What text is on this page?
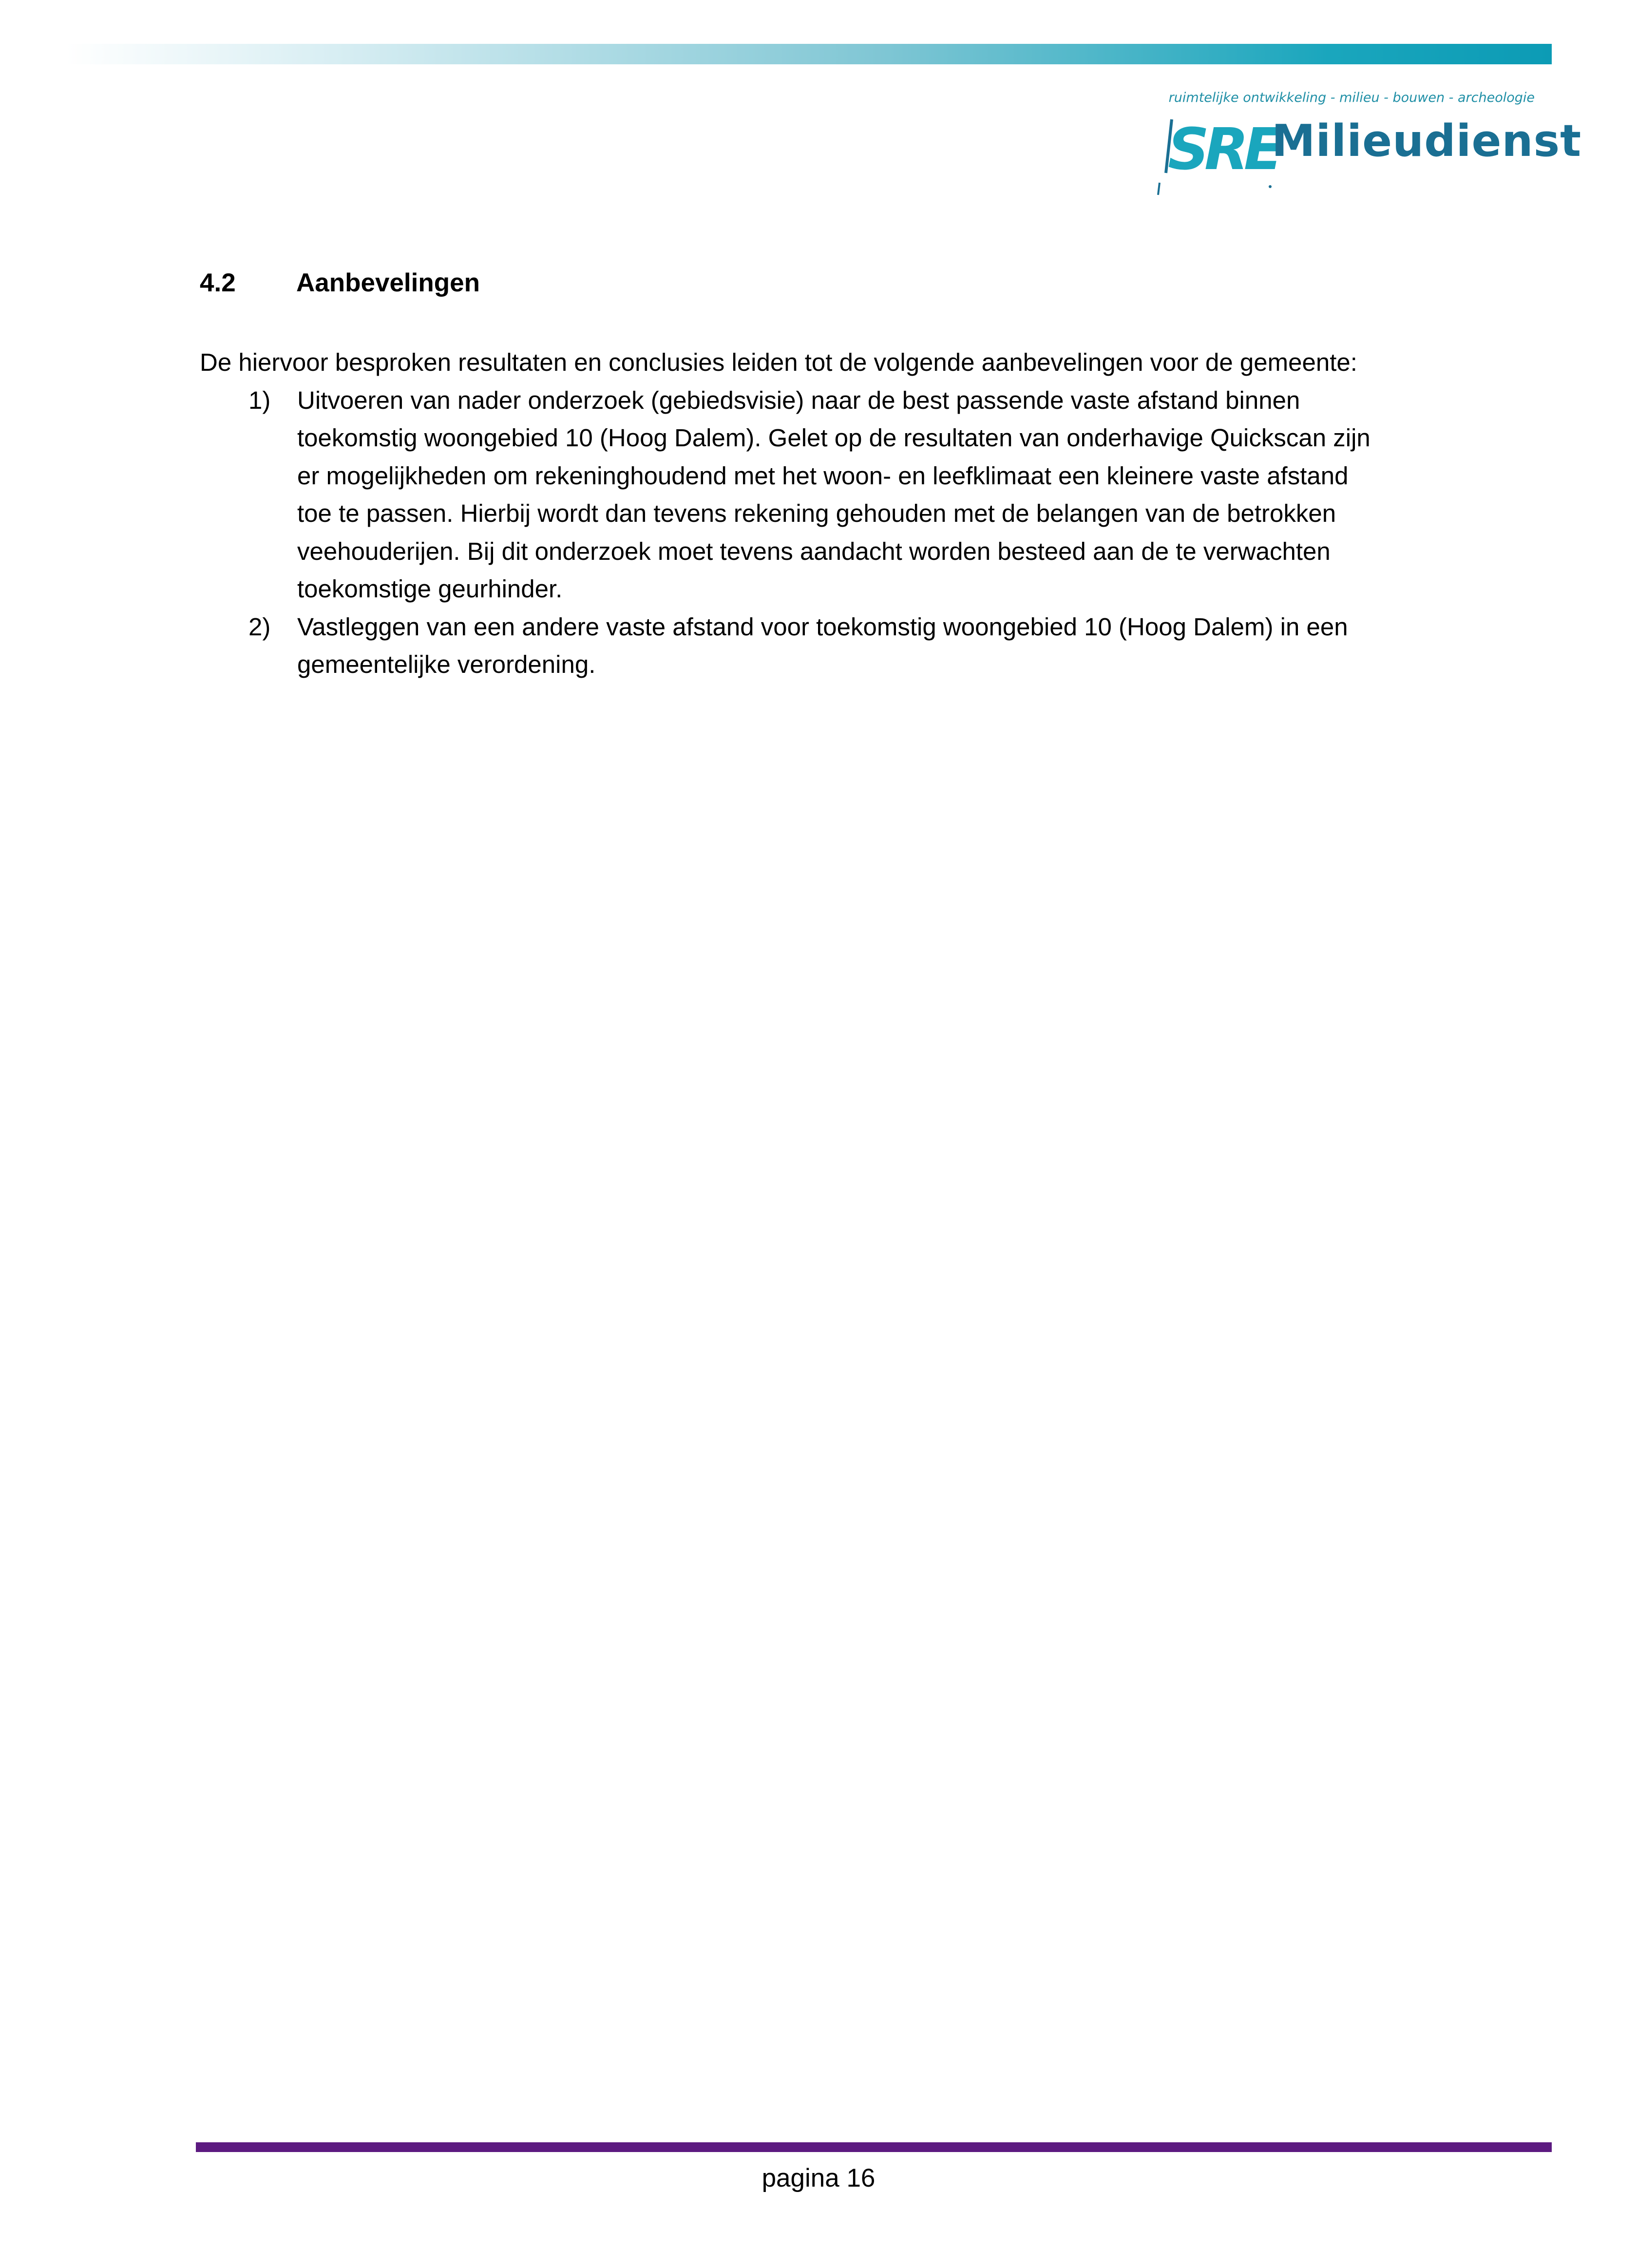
ruimtelijke ontwikkeling - milieu - bouwen - archeologie
SRE
Milieudienst
4.2 Aanbevelingen

De hiervoor besproken resultaten en conclusies leiden tot de volgende aanbevelingen voor de gemeente:

1) Uitvoeren van nader onderzoek (gebiedsvisie) naar de best passende vaste afstand binnen toekomstig woongebied 10 (Hoog Dalem). Gelet op de resultaten van onderhavige Quickscan zijn er mogelijkheden om rekeninghoudend met het woon- en leefklimaat een kleinere vaste afstand toe te passen. Hierbij wordt dan tevens rekening gehouden met de belangen van de betrokken veehouderijen. Bij dit onderzoek moet tevens aandacht worden besteed aan de te verwachten toekomstige geurhinder.
2) Vastleggen van een andere vaste afstand voor toekomstig woongebied 10 (Hoog Dalem) in een gemeentelijke verordening.
pagina 16
